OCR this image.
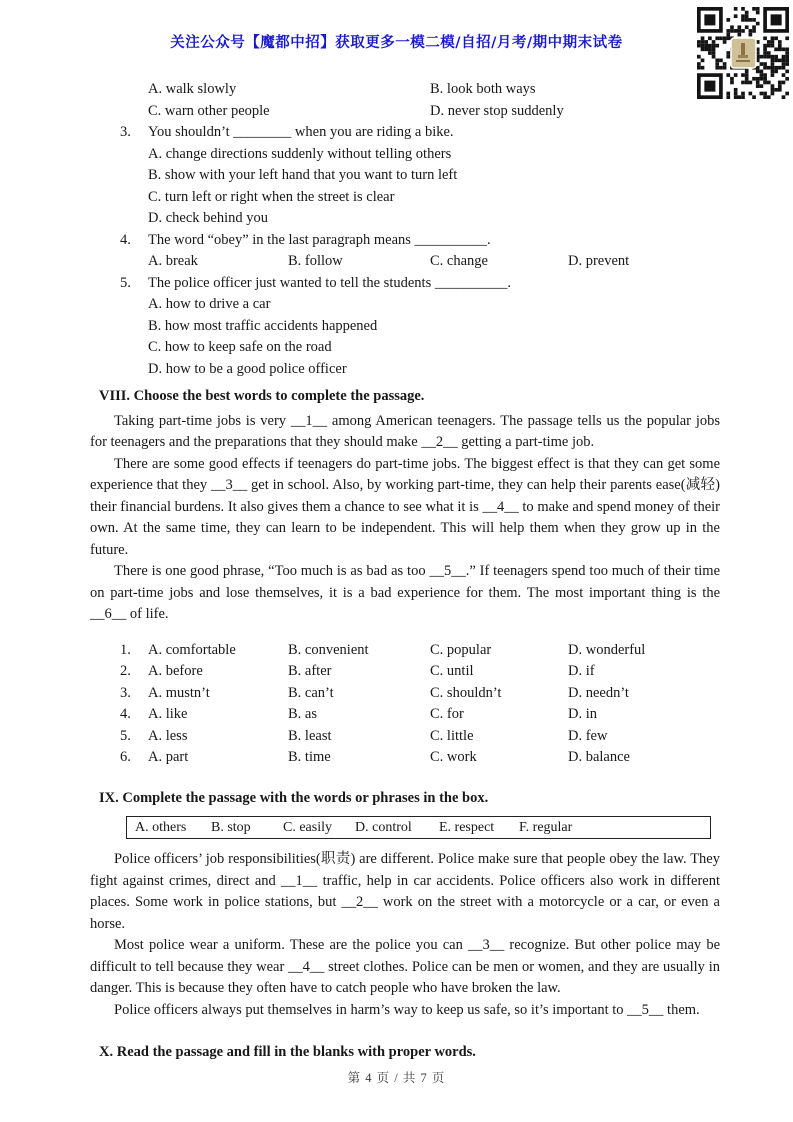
关注公众号【魔都中招】获取更多一模二模/自招/月考/期中期末试卷
A. walk slowly	B. look both ways
C. warn other people	D. never stop suddenly
3.	You shouldn’t ________ when you are riding a bike.
A. change directions suddenly without telling others
B. show with your left hand that you want to turn left
C. turn left or right when the street is clear
D. check behind you
4.	The word “obey” in the last paragraph means __________.
A. break	B. follow	C. change	D. prevent
5.	The police officer just wanted to tell the students __________.
A. how to drive a car
B. how most traffic accidents happened
C. how to keep safe on the road
D. how to be a good police officer
VIII. Choose the best words to complete the passage.
Taking part-time jobs is very __1__ among American teenagers. The passage tells us the popular jobs for teenagers and the preparations that they should make __2__ getting a part-time job.
There are some good effects if teenagers do part-time jobs. The biggest effect is that they can get some experience that they __3__ get in school. Also, by working part-time, they can help their parents ease(减轻) their financial burdens. It also gives them a chance to see what it is __4__ to make and spend money of their own. At the same time, they can learn to be independent. This will help them when they grow up in the future.
There is one good phrase, “Too much is as bad as too __5__.” If teenagers spend too much of their time on part-time jobs and lose themselves, it is a bad experience for them. The most important thing is the __6__ of life.
1.	A. comfortable	B. convenient	C. popular	D. wonderful
2.	A. before	B. after	C. until	D. if
3.	A. mustn’t	B. can’t	C. shouldn’t	D. needn’t
4.	A. like	B. as	C. for	D. in
5.	A. less	B. least	C. little	D. few
6.	A. part	B. time	C. work	D. balance
IX. Complete the passage with the words or phrases in the box.
A. others	B. stop	C. easily	D. control	E. respect	F. regular
Police officers’ job responsibilities(职责) are different. Police make sure that people obey the law. They fight against crimes, direct and __1__ traffic, help in car accidents. Police officers also work in different places. Some work in police stations, but __2__ work on the street with a motorcycle or a car, or even a horse.
Most police wear a uniform. These are the police you can __3__ recognize. But other police may be difficult to tell because they wear __4__ street clothes. Police can be men or women, and they are usually in danger. This is because they often have to catch people who have broken the law.
Police officers always put themselves in harm’s way to keep us safe, so it’s important to __5__ them.
X. Read the passage and fill in the blanks with proper words.
第 4 页 / 共 7 页
